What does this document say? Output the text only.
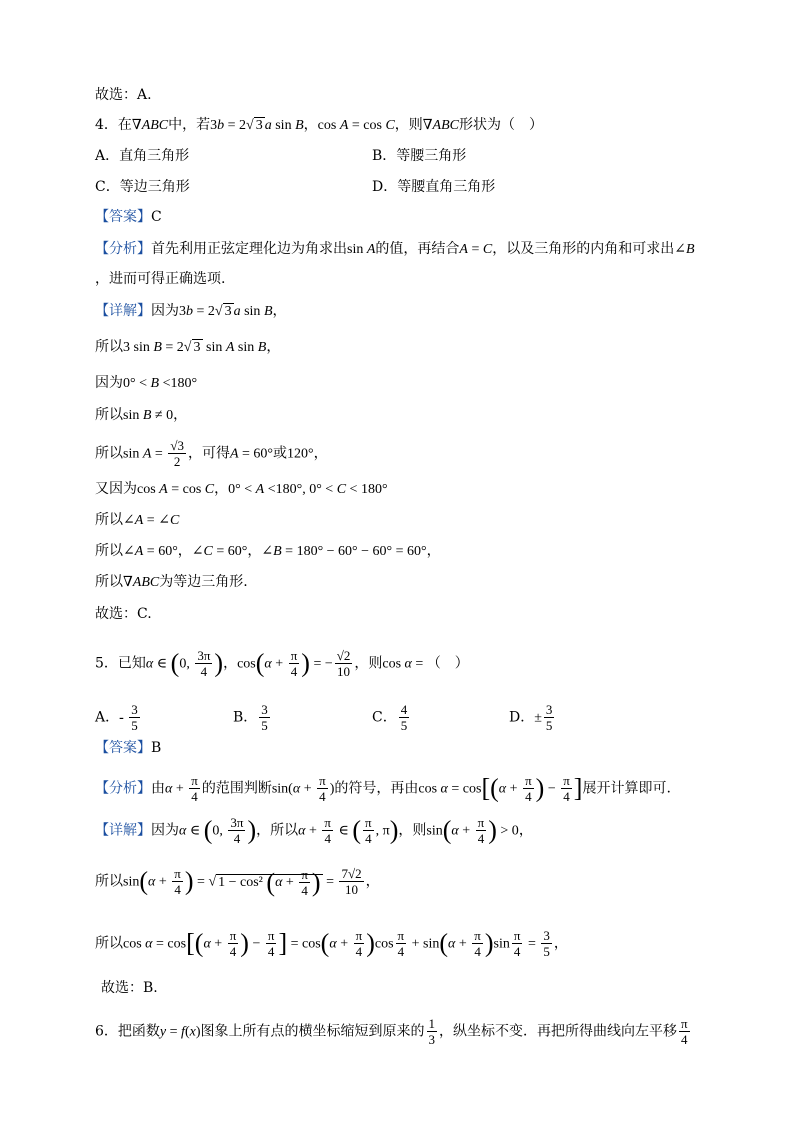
故选：A.
4．在∇ABC中，若3b = 2√ 3 a sin B，cos A = cos C，则∇ABC形状为（　）
A．直角三角形	B．等腰三角形
C．等边三角形	D．等腰直角三角形
【答案】C
【分析】首先利用正弦定理化边为角求出sin A的值，再结合A = C，以及三角形的内角和可求出∠B
，进而可得正确选项.
【详解】因为3b = 2√ 3 a sin B，
所以3 sin B = 2√ 3 sin A sin B，
因为0° < B <180°
所以sin B ≠ 0，
所以$\sin A = \frac{√3}{2}$ ，可得A = 60°或120°，
又因为cos A = cos C，0° < A <180°, 0° < C < 180°
所以∠A = ∠C
所以∠A = 60°，∠C = 60°，∠B = 180° − 60° − 60° = 60°，
所以∇ABC为等边三角形.
故选：C.
5．已知α ∈ (0, $\frac{3\pi}{4}$ )，$\cos(\alpha + \frac{\pi}{4}$ ) = − $\frac{√2}{10}$ ，则cos α = （　）
A．- $\frac{3}{5}$	B． $\frac{3}{5}$	C． $\frac{4}{5}$	D．± $\frac{3}{5}$
【答案】B
【分析】由$\alpha + \frac{\pi}{4}$ 的范围判断$\sin(\alpha + \frac{\pi}{4}$ )的符号，再由$\cos \alpha = \cos[(\alpha + \frac{\pi}{4}$ ) − $\frac{\pi}{4}$ ]展开计算即可.
【详解】因为α ∈ (0, $\frac{3\pi}{4}$ )，所以$\alpha + \frac{\pi}{4}$ ∈ ( $\frac{\pi}{4}$ , π)，则$\sin(\alpha + \frac{\pi}{4}$ ) > 0，
所以$\sin(\alpha + \frac{\pi}{4}$ ) = √ 1 − cos² ($\alpha + \frac{\pi}{4}$ ) = $\frac{7√2}{10}$ ，
所以$\cos \alpha = \cos[(\alpha + \frac{\pi}{4}$ ) − $\frac{\pi}{4}$ ] = $\cos(\alpha + \frac{\pi}{4} )\cos \frac{\pi}{4} + \sin(\alpha + \frac{\pi}{4} )\sin \frac{\pi}{4} = \frac{3}{5}$ ，
故选：B.
6．把函数y = f(x)图象上所有点的横坐标缩短到原来的 $\frac{1}{3}$ ，纵坐标不变．再把所得曲线向左平移 $\frac{\pi}{4}$
